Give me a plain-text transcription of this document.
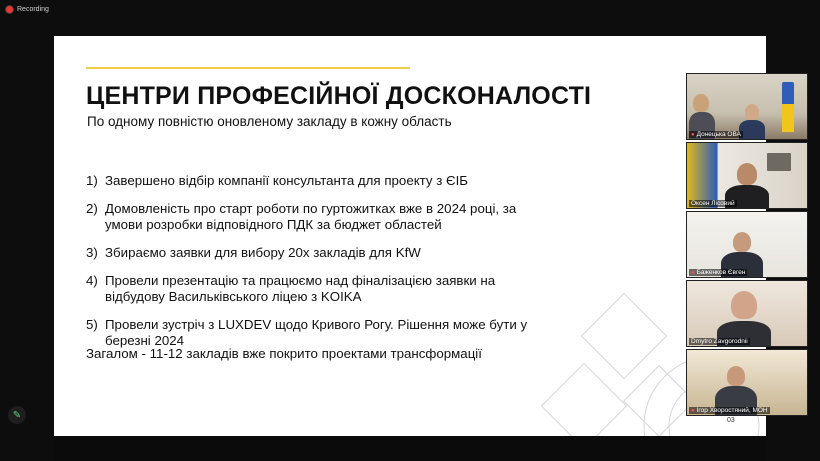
Recording
✎
ЦЕНТРИ ПРОФЕСІЙНОЇ ДОСКОНАЛОСТІ
По одному повністю оновленому закладу в кожну область
1) Завершено відбір компанії консультанта для проекту з ЄІБ
2) Домовленість про старт роботи по гуртожитках вже в 2024 році, за умови розробки відповідного ПДК за бюджет областей
3) Збираємо заявки для вибору 20х закладів для KfW
4) Провели презентацію та працюємо над фіналізацією заявки на відбудову Васильківського ліцею з KOIKA
5) Провели зустріч з LUXDEV щодо Кривого Рогу. Рішення може бути у березні 2024
Загалом - 11-12 закладів вже покрито проектами трансформації
03
● Донецька ОВА
Оксен Лісовий
● Баженков Євген
Dmytro Zavgorodnii
● Ігор Хворостяний, МОН
